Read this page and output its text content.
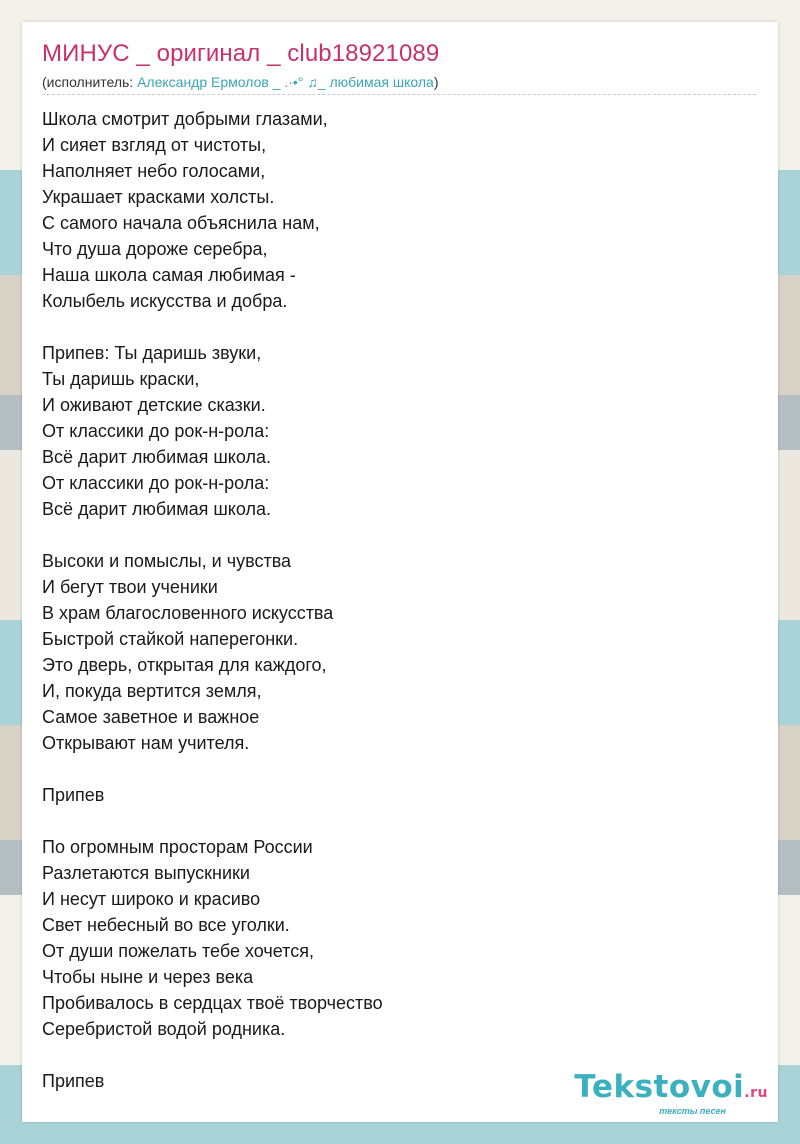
МИНУС _ оригинал _ club18921089
(исполнитель: Александр Ермолов _ .·•° ♫_ любимая школа)
Школа смотрит добрыми глазами,
И сияет взгляд от чистоты,
Наполняет небо голосами,
Украшает красками холсты.
С самого начала объяснила нам,
Что душа дороже серебра,
Наша школа самая любимая -
Колыбель искусства и добра.
Припев: Ты даришь звуки,
Ты даришь краски,
И оживают детские сказки.
От классики до рок-н-рола:
Всё дарит любимая школа.
От классики до рок-н-рола:
Всё дарит любимая школа.
Высоки и помыслы, и чувства
И бегут твои ученики
В храм благословенного искусства
Быстрой стайкой наперегонки.
Это дверь, открытая для каждого,
И, покуда вертится земля,
Самое заветное и важное
Открывают нам учителя.
Припев
По огромным просторам России
Разлетаются выпускники
И несут широко и красиво
Свет небесный во все уголки.
От души пожелать тебе хочется,
Чтобы ныне и через века
Пробивалось в сердцах твоё творчество
Серебристой водой родника.
Припев	Tekstovoi.ru
тексты песен
